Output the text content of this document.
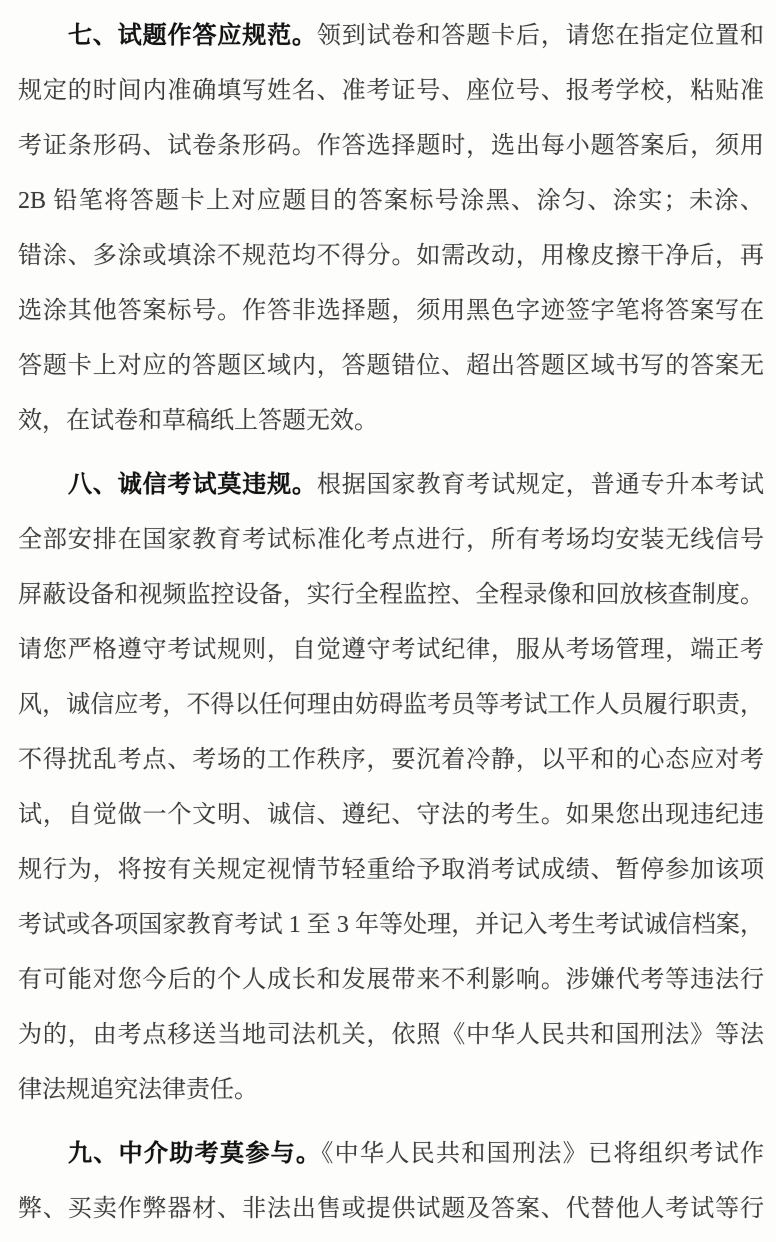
七、试题作答应规范。领到试卷和答题卡后，请您在指定位置和
规定的时间内准确填写姓名、准考证号、座位号、报考学校，粘贴准
考证条形码、试卷条形码。作答选择题时，选出每小题答案后，须用
2B 铅笔将答题卡上对应题目的答案标号涂黑、涂匀、涂实；未涂、
错涂、多涂或填涂不规范均不得分。如需改动，用橡皮擦干净后，再
选涂其他答案标号。作答非选择题，须用黑色字迹签字笔将答案写在
答题卡上对应的答题区域内，答题错位、超出答题区域书写的答案无
效，在试卷和草稿纸上答题无效。
八、诚信考试莫违规。根据国家教育考试规定，普通专升本考试
全部安排在国家教育考试标准化考点进行，所有考场均安装无线信号
屏蔽设备和视频监控设备，实行全程监控、全程录像和回放核查制度。
请您严格遵守考试规则，自觉遵守考试纪律，服从考场管理，端正考
风，诚信应考，不得以任何理由妨碍监考员等考试工作人员履行职责，
不得扰乱考点、考场的工作秩序，要沉着冷静，以平和的心态应对考
试，自觉做一个文明、诚信、遵纪、守法的考生。如果您出现违纪违
规行为，将按有关规定视情节轻重给予取消考试成绩、暂停参加该项
考试或各项国家教育考试 1 至 3 年等处理，并记入考生考试诚信档案，
有可能对您今后的个人成长和发展带来不利影响。涉嫌代考等违法行
为的，由考点移送当地司法机关，依照《中华人民共和国刑法》等法
律法规追究法律责任。
九、中介助考莫参与。《中华人民共和国刑法》已将组织考试作
弊、买卖作弊器材、非法出售或提供试题及答案、代替他人考试等行
